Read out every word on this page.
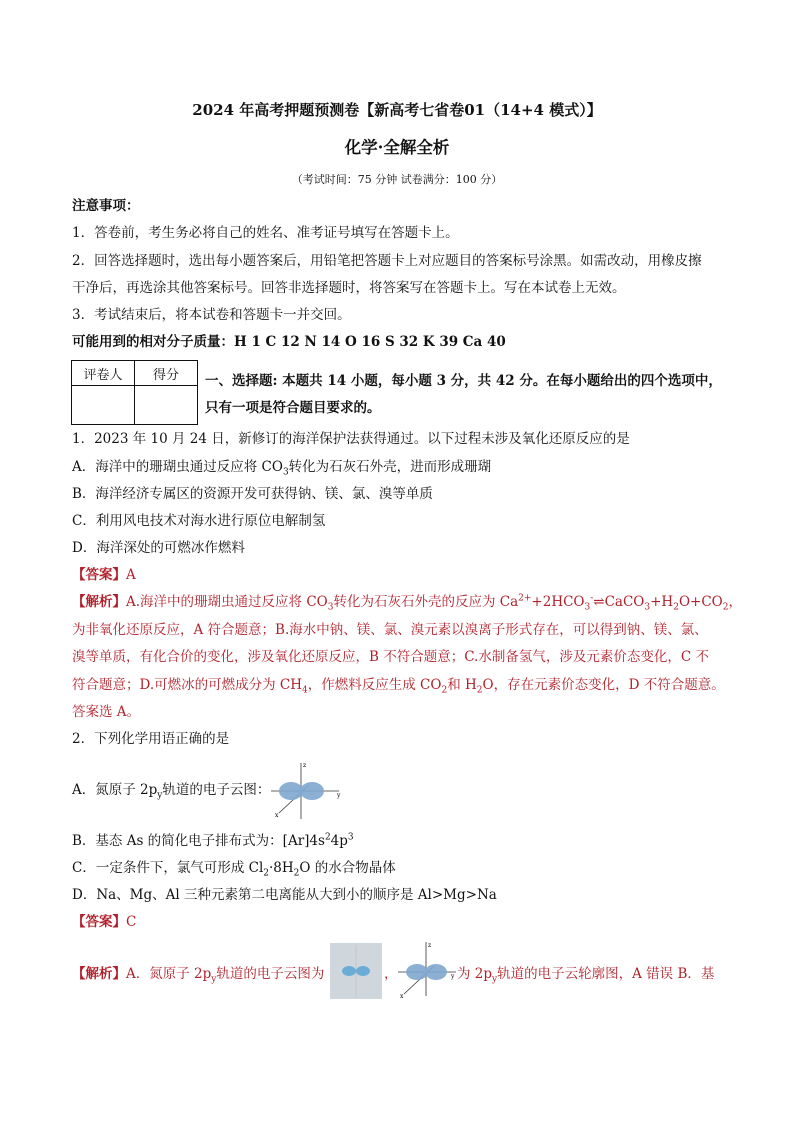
2024 年高考押题预测卷【新高考七省卷01（14+4 模式）】
化学·全解全析
（考试时间：75 分钟 试卷满分：100 分）
注意事项：
1．答卷前，考生务必将自己的姓名、准考证号填写在答题卡上。
2．回答选择题时，选出每小题答案后，用铅笔把答题卡上对应题目的答案标号涂黑。如需改动，用橡皮擦
干净后，再选涂其他答案标号。回答非选择题时，将答案写在答题卡上。写在本试卷上无效。
3．考试结束后，将本试卷和答题卡一并交回。
可能用到的相对分子质量：H 1 C 12 N 14 O 16 S 32 K 39 Ca 40
评卷人	得分
	一、选择题: 本题共 14 小题，每小题 3 分，共 42 分。在每小题给出的四个选项中，
只有一项是符合题目要求的。
1．2023 年 10 月 24 日，新修订的海洋保护法获得通过。以下过程未涉及氧化还原反应的是
A．海洋中的珊瑚虫通过反应将 $CO_3$转化为石灰石外壳，进而形成珊瑚
B．海洋经济专属区的资源开发可获得钠、镁、氯、溴等单质
C．利用风电技术对海水进行原位电解制氢
D．海洋深处的可燃冰作燃料
【答案】A
【解析】A.海洋中的珊瑚虫通过反应将 $CO_3$转化为石灰石外壳的反应为 $Ca^{2+}+2HCO_3^-\rightleftharpoons CaCO_3+H_2O+CO_2$，
为非氧化还原反应，A 符合题意；B.海水中钠、镁、氯、溴元素以溴离子形式存在，可以得到钠、镁、氯、
溴等单质，有化合价的变化，涉及氧化还原反应，B 不符合题意；C.水制备氢气，涉及元素价态变化，C 不
符合题意；D.可燃冰的可燃成分为 $CH_4$，作燃料反应生成 $CO_2$和 $H_2O$，存在元素价态变化，D 不符合题意。
答案选 A。
2．下列化学用语正确的是
A．氮原子 $2p_y$轨道的电子云图：
z
y
x
B．基态 As 的简化电子排布式为：$[Ar]4s^24p^3$
C．一定条件下，氯气可形成 $Cl_2\cdot 8H_2O$ 的水合物晶体
D．Na、Mg、Al 三种元素第二电离能从大到小的顺序是 Al>Mg>Na
【答案】C
【解析】A．氮原子 $2p_y$轨道的电子云图为	，
z
y
x
为 $2p_y$轨道的电子云轮廓图，A 错误 B．基
